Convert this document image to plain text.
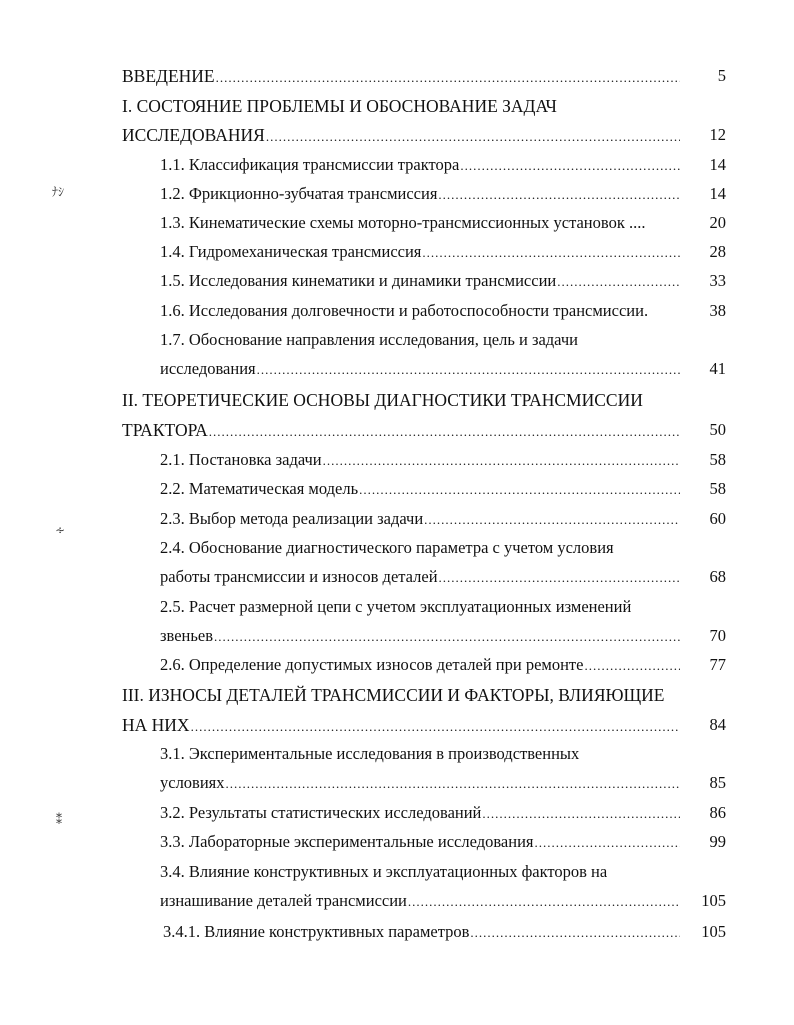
ﾅｼ
∻
⁑
ВВЕДЕНИЕ .....	5
I. СОСТОЯНИЕ ПРОБЛЕМЫ И ОБОСНОВАНИЕ ЗАДАЧ
ИССЛЕДОВАНИЯ .....	12
1.1. Классификация трансмиссии трактора .....	14
1.2. Фрикционно-зубчатая трансмиссия .....	14
1.3. Кинематические схемы моторно-трансмиссионных установок ....	20
1.4. Гидромеханическая трансмиссия .....	28
1.5. Исследования кинематики и динамики трансмиссии .....	33
1.6. Исследования долговечности и работоспособности трансмиссии.	38
1.7. Обоснование направления исследования, цель и задачи
исследования .....	41
II. ТЕОРЕТИЧЕСКИЕ ОСНОВЫ ДИАГНОСТИКИ ТРАНСМИССИИ
ТРАКТОРА .....	50
2.1. Постановка задачи .....	58
2.2. Математическая модель .....	58
2.3. Выбор метода реализации задачи .....	60
2.4. Обоснование диагностического параметра с учетом условия
работы трансмиссии и износов деталей .....	68
2.5. Расчет размерной цепи с учетом эксплуатационных изменений
звеньев .....	70
2.6. Определение допустимых износов деталей при ремонте .....	77
III. ИЗНОСЫ ДЕТАЛЕЙ ТРАНСМИССИИ И ФАКТОРЫ, ВЛИЯЮЩИЕ
НА НИХ .....	84
3.1. Экспериментальные исследования в производственных
условиях .....	85
3.2. Результаты статистических исследований .....	86
3.3. Лабораторные экспериментальные исследования .....	99
3.4. Влияние конструктивных и эксплуатационных факторов на
изнашивание деталей трансмиссии .....	105
3.4.1. Влияние конструктивных параметров .....	105
